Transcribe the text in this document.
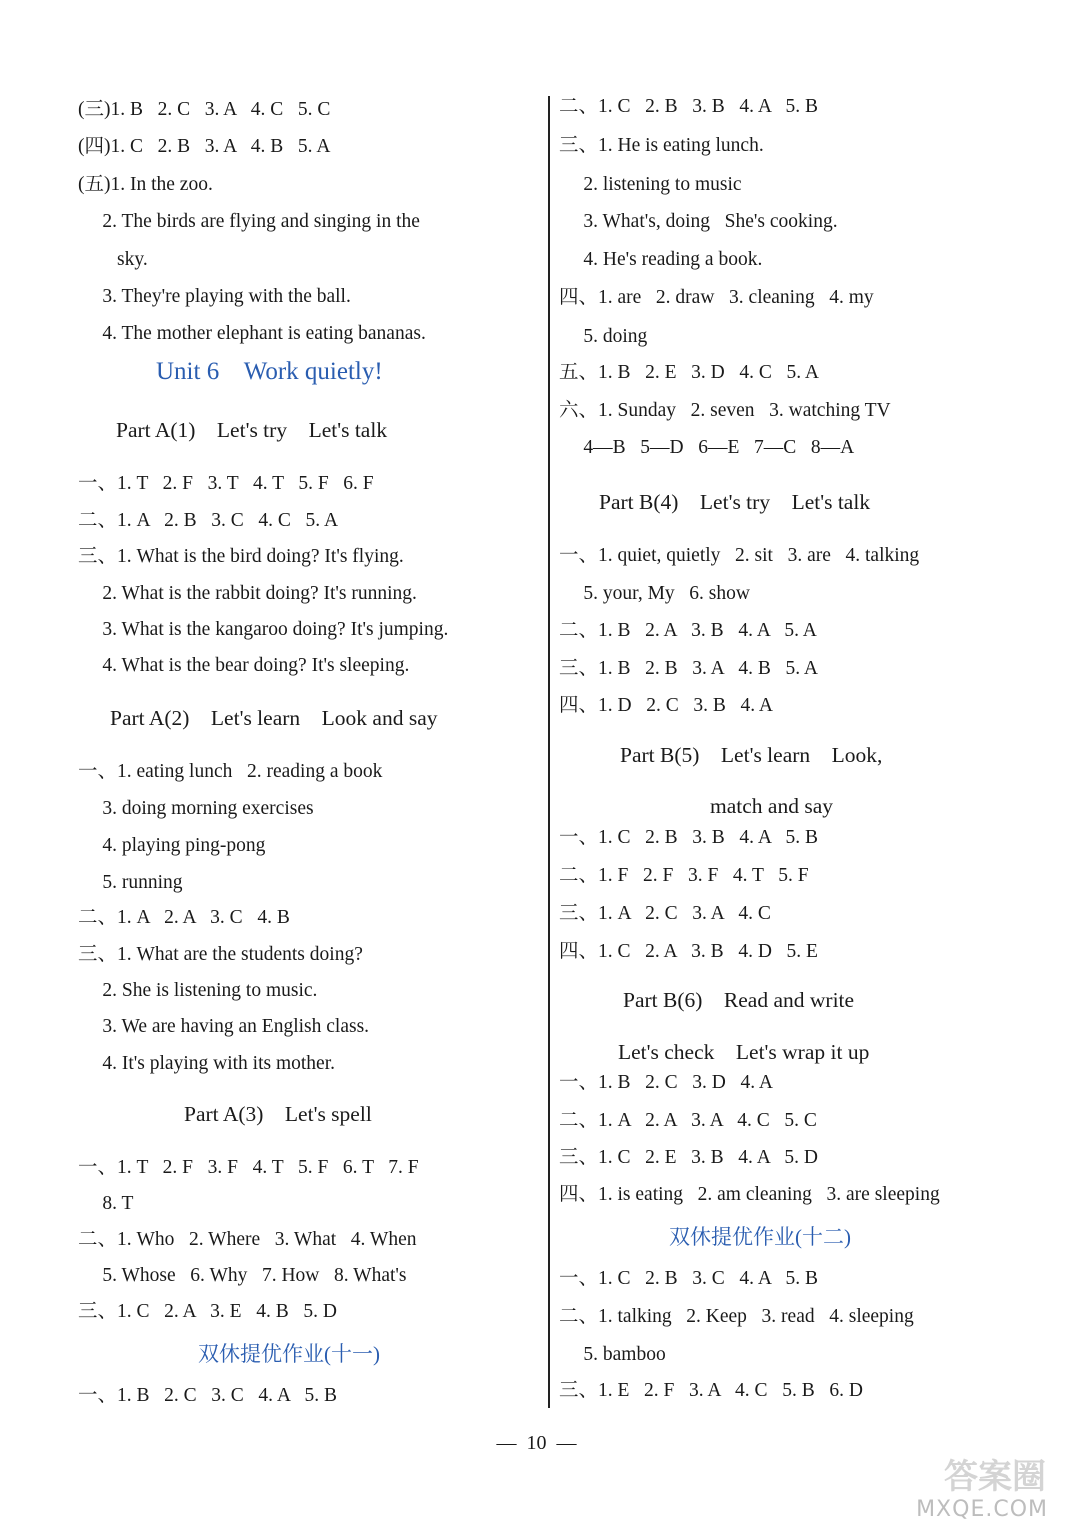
(三)1. B   2. C   3. A   4. C   5. C
(四)1. C   2. B   3. A   4. B   5. A
(五)1. In the zoo.
2. The birds are flying and singing in the
sky.
3. They're playing with the ball.
4. The mother elephant is eating bananas.
Unit 6    Work quietly!
Part A(1)    Let's try    Let's talk
一、1. T   2. F   3. T   4. T   5. F   6. F
二、1. A   2. B   3. C   4. C   5. A
三、1. What is the bird doing? It's flying.
2. What is the rabbit doing? It's running.
3. What is the kangaroo doing? It's jumping.
4. What is the bear doing? It's sleeping.
Part A(2)    Let's learn    Look and say
一、1. eating lunch   2. reading a book
3. doing morning exercises
4. playing ping-pong
5. running
二、1. A   2. A   3. C   4. B
三、1. What are the students doing?
2. She is listening to music.
3. We are having an English class.
4. It's playing with its mother.
Part A(3)    Let's spell
一、1. T   2. F   3. F   4. T   5. F   6. T   7. F
8. T
二、1. Who   2. Where   3. What   4. When
5. Whose   6. Why   7. How   8. What's
三、1. C   2. A   3. E   4. B   5. D
双休提优作业(十一)
一、1. B   2. C   3. C   4. A   5. B
二、1. C   2. B   3. B   4. A   5. B
三、1. He is eating lunch.
2. listening to music
3. What's, doing   She's cooking.
4. He's reading a book.
四、1. are   2. draw   3. cleaning   4. my
5. doing
五、1. B   2. E   3. D   4. C   5. A
六、1. Sunday   2. seven   3. watching TV
4—B   5—D   6—E   7—C   8—A
Part B(4)    Let's try    Let's talk
一、1. quiet, quietly   2. sit   3. are   4. talking
5. your, My   6. show
二、1. B   2. A   3. B   4. A   5. A
三、1. B   2. B   3. A   4. B   5. A
四、1. D   2. C   3. B   4. A
Part B(5)    Let's learn    Look,
match and say
一、1. C   2. B   3. B   4. A   5. B
二、1. F   2. F   3. F   4. T   5. F
三、1. A   2. C   3. A   4. C
四、1. C   2. A   3. B   4. D   5. E
Part B(6)    Read and write
Let's check    Let's wrap it up
一、1. B   2. C   3. D   4. A
二、1. A   2. A   3. A   4. C   5. C
三、1. C   2. E   3. B   4. A   5. D
四、1. is eating   2. am cleaning   3. are sleeping
双休提优作业(十二)
一、1. C   2. B   3. C   4. A   5. B
二、1. talking   2. Keep   3. read   4. sleeping
5. bamboo
三、1. E   2. F   3. A   4. C   5. B   6. D
—  10  —
答案圈
MXQE.COM
